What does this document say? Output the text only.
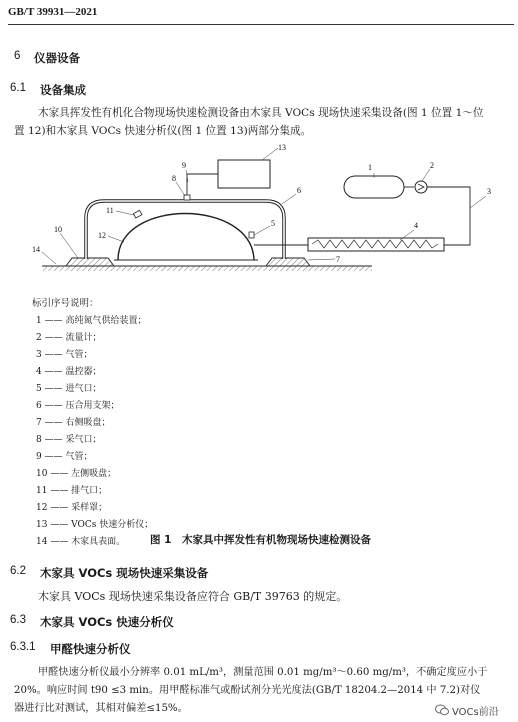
GB/T 39931—2021
6 仪器设备
6.1 设备集成
木家具挥发性有机化合物现场快速检测设备由木家具 VOCs 现场快速采集设备(图 1 位置 1～位
置 12)和木家具 VOCs 快速分析仪(图 1 位置 13)两部分集成。
1	2
3
4
5
6
7
8
9
10
11
12
13
14
标引序号说明：
1 —— 高纯氮气供给装置；
2 —— 流量计；
3 —— 气管；
4 —— 温控器；
5 —— 进气口；
6 —— 压合用支架；
7 —— 右侧吸盘；
8 —— 采气口；
9 —— 气管；
10 —— 左侧吸盘；
11 —— 排气口；
12 —— 采样罩；
13 —— VOCs 快速分析仪；
14 —— 木家具表面。 图 1　木家具中挥发性有机物现场快速检测设备
6.2 木家具 VOCs 现场快速采集设备
木家具 VOCs 现场快速采集设备应符合 GB/T 39763 的规定。
6.3 木家具 VOCs 快速分析仪
6.3.1 甲醛快速分析仪
甲醛快速分析仪最小分辨率 0.01 mL/m³，测量范围 0.01 mg/m³～0.60 mg/m³，不确定度应小于
20%。响应时间 t90 ≤3 min。用甲醛标准气或酚试剂分光光度法(GB/T 18204.2—2014 中 7.2)对仪
器进行比对测试，其相对偏差≤15%。	VOCs前沿
